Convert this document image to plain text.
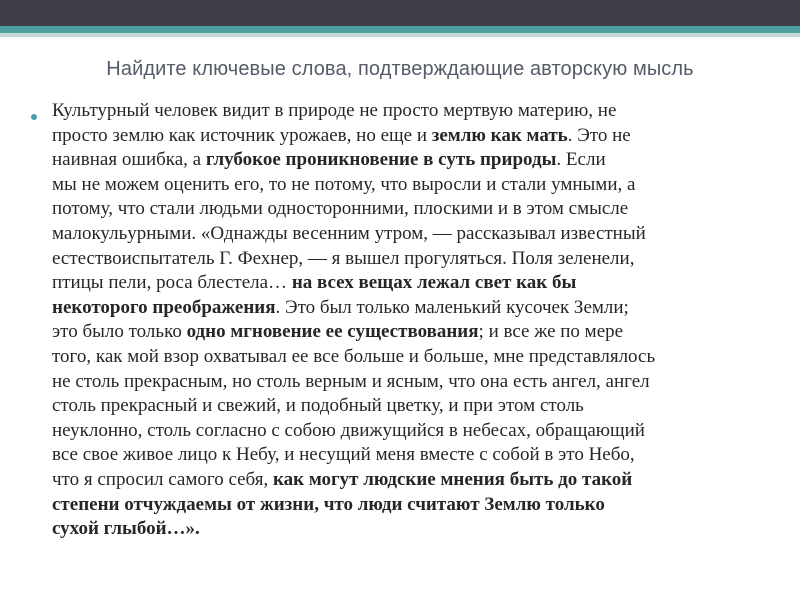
Найдите ключевые слова, подтверждающие авторскую мысль
Культурный человек видит в природе не просто мертвую материю, не
просто землю как источник урожаев, но еще и землю как мать. Это не
наивная ошибка, а глубокое проникновение в суть природы. Если
мы не можем оценить его, то не потому, что выросли и стали умными, а
потому, что стали людьми односторонними, плоскими и в этом смысле
малокульурными. «Однажды весенним утром, — рассказывал известный
естествоиспытатель Г. Фехнер, — я вышел прогуляться. Поля зеленели,
птицы пели, роса блестела… на всех вещах лежал свет как бы
некоторого преображения. Это был только маленький кусочек Земли;
это было только одно мгновение ее существования; и все же по мере
того, как мой взор охватывал ее все больше и больше, мне представлялось
не столь прекрасным, но столь верным и ясным, что она есть ангел, ангел
столь прекрасный и свежий, и подобный цветку, и при этом столь
неуклонно, столь согласно с собою движущийся в небесах, обращающий
все свое живое лицо к Небу, и несущий меня вместе с собой в это Небо,
что я спросил самого себя, как могут людские мнения быть до такой
степени отчуждаемы от жизни, что люди считают Землю только
сухой глыбой…».
